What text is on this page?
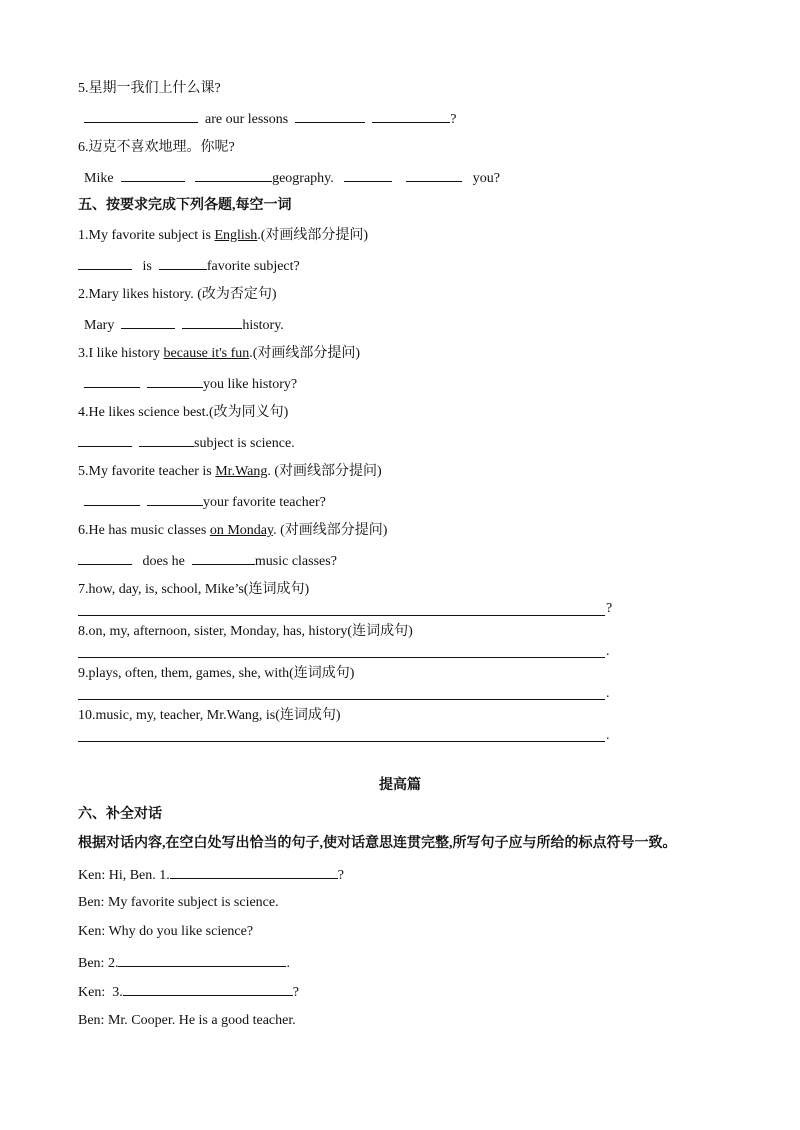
5.星期一我们上什么课?
are our lessons	?
6.迈克不喜欢地理。你呢?
Mike	geography.	you?
五、按要求完成下列各题,每空一词
1.My favorite subject is English.(对画线部分提问)
is	favorite subject?
2.Mary likes history. (改为否定句)
Mary	history.
3.I like history because it's fun.(对画线部分提问)
you like history?
4.He likes science best.(改为同义句)
subject is science.
5.My favorite teacher is Mr.Wang. (对画线部分提问)
your favorite teacher?
6.He has music classes on Monday. (对画线部分提问)
does he	music classes?
7.how, day, is, school, Mike’s(连词成句)
?
8.on, my, afternoon, sister, Monday, has, history(连词成句)
.
9.plays, often, them, games, she, with(连词成句)
.
10.music, my, teacher, Mr.Wang, is(连词成句)
.
提高篇
六、补全对话
根据对话内容,在空白处写出恰当的句子,使对话意思连贯完整,所写句子应与所给的标点符号一致。
Ken: Hi, Ben. 1.	?
Ben: My favorite subject is science.
Ken: Why do you like science?
Ben: 2.	.
Ken:  3.	?
Ben: Mr. Cooper. He is a good teacher.
